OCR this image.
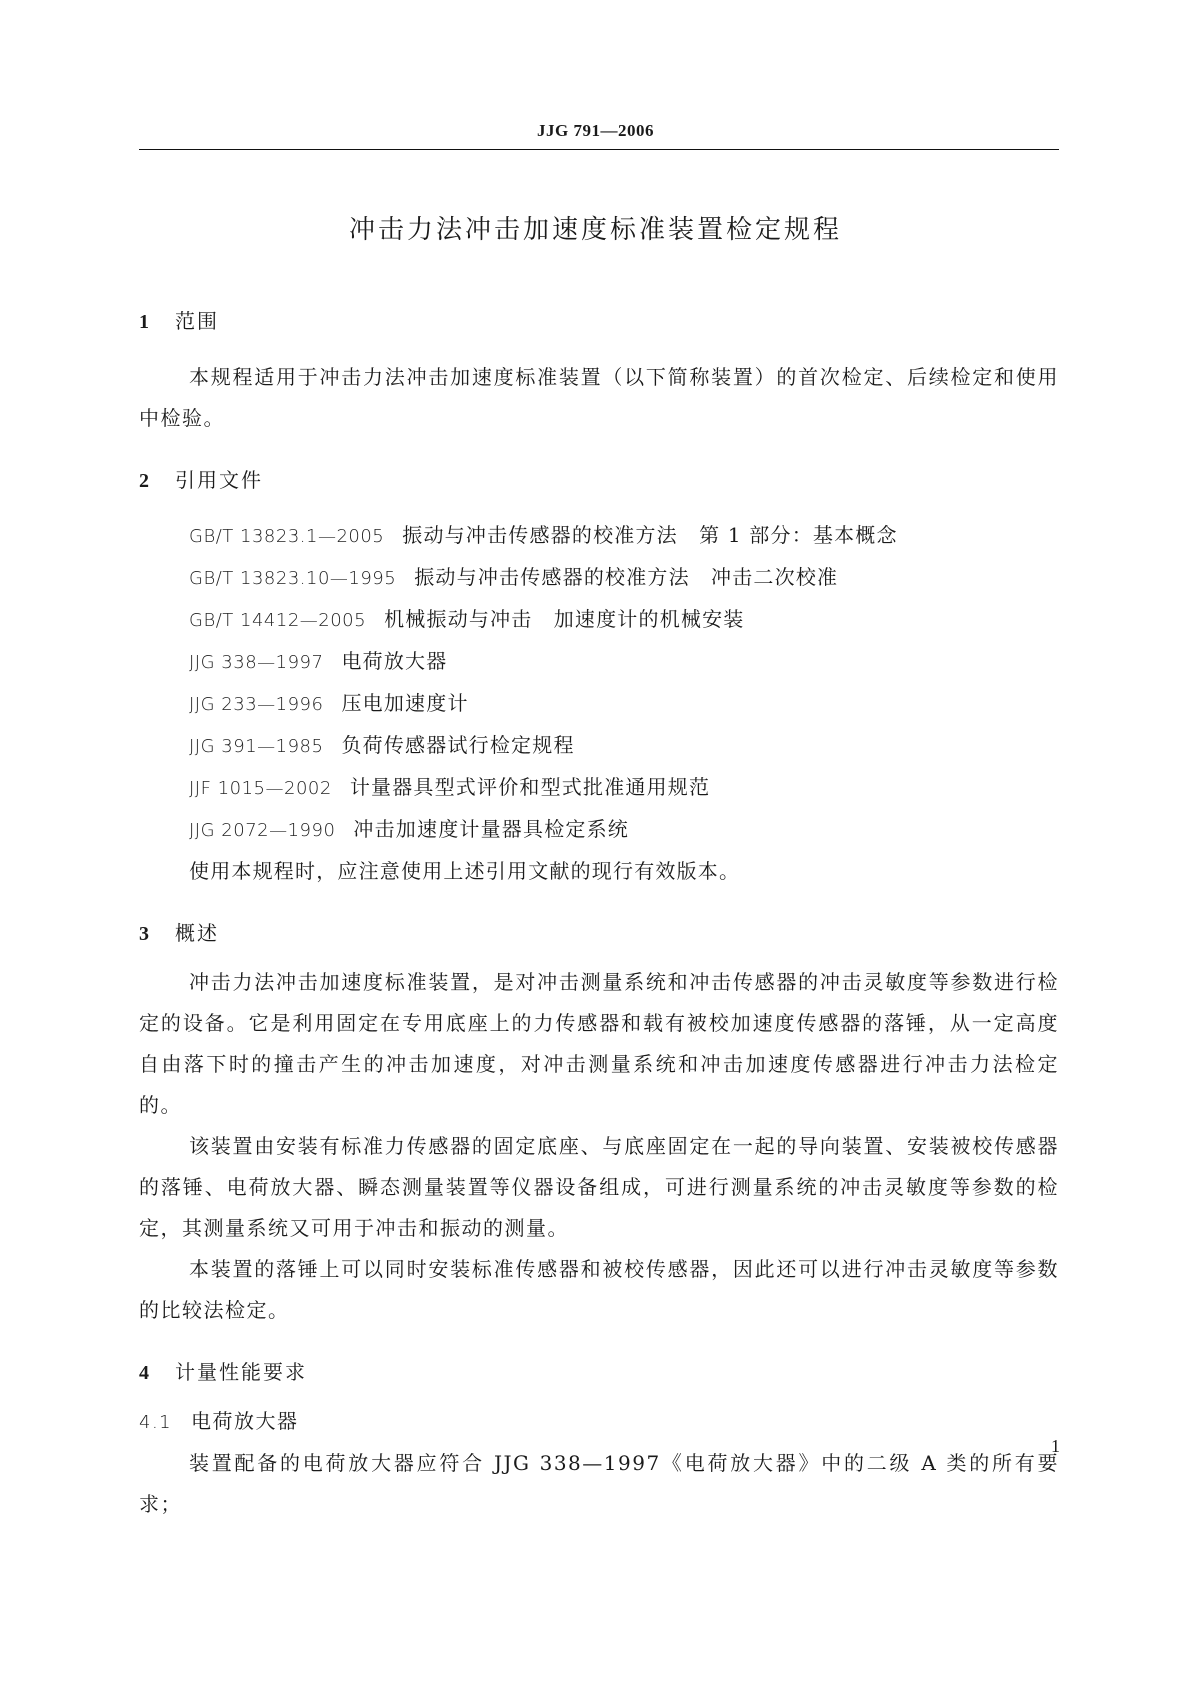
JJG 791—2006
冲击力法冲击加速度标准装置检定规程
1 范围

本规程适用于冲击力法冲击加速度标准装置（以下简称装置）的首次检定、后续检定和使用中检验。

2 引用文件
GB/T 13823.1—2005 振动与冲击传感器的校准方法　第 1 部分：基本概念
GB/T 13823.10—1995 振动与冲击传感器的校准方法　冲击二次校准
GB/T 14412—2005 机械振动与冲击　加速度计的机械安装
JJG 338—1997 电荷放大器
JJG 233—1996 压电加速度计
JJG 391—1985 负荷传感器试行检定规程
JJF 1015—2002 计量器具型式评价和型式批准通用规范
JJG 2072—1990 冲击加速度计量器具检定系统
使用本规程时，应注意使用上述引用文献的现行有效版本。
3 概述

冲击力法冲击加速度标准装置，是对冲击测量系统和冲击传感器的冲击灵敏度等参数进行检定的设备。它是利用固定在专用底座上的力传感器和载有被校加速度传感器的落锤，从一定高度自由落下时的撞击产生的冲击加速度，对冲击测量系统和冲击加速度传感器进行冲击力法检定的。

该装置由安装有标准力传感器的固定底座、与底座固定在一起的导向装置、安装被校传感器的落锤、电荷放大器、瞬态测量装置等仪器设备组成，可进行测量系统的冲击灵敏度等参数的检定，其测量系统又可用于冲击和振动的测量。

本装置的落锤上可以同时安装标准传感器和被校传感器，因此还可以进行冲击灵敏度等参数的比较法检定。

4 计量性能要求
4.1 电荷放大器

装置配备的电荷放大器应符合 JJG 338—1997《电荷放大器》中的二级 A 类的所有要求；

1
